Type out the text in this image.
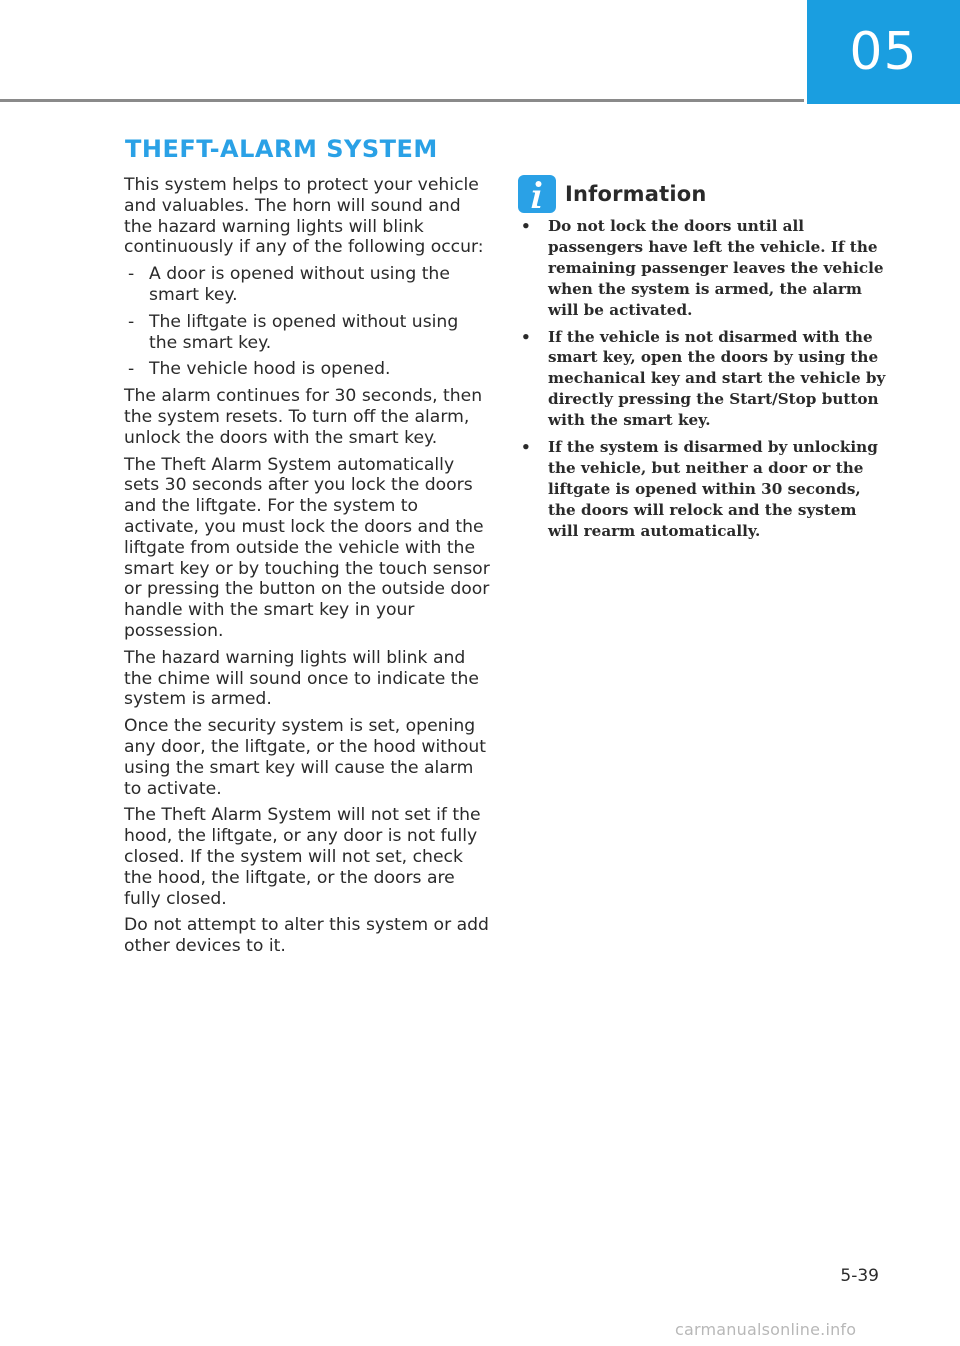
05
THEFT-ALARM SYSTEM

This system helps to protect your vehicle and valuables. The horn will sound and the hazard warning lights will blink continuously if any of the following occur:

- A door is opened without using the smart key.
- The liftgate is opened without using the smart key.
- The vehicle hood is opened.

The alarm continues for 30 seconds, then the system resets. To turn off the alarm, unlock the doors with the smart key.

The Theft Alarm System automatically sets 30 seconds after you lock the doors and the liftgate. For the system to activate, you must lock the doors and the liftgate from outside the vehicle with the smart key or by touching the touch sensor or pressing the button on the outside door handle with the smart key in your possession.

The hazard warning lights will blink and the chime will sound once to indicate the system is armed.

Once the security system is set, opening any door, the liftgate, or the hood without using the smart key will cause the alarm to activate.

The Theft Alarm System will not set if the hood, the liftgate, or any door is not fully closed. If the system will not set, check the hood, the liftgate, or the doors are fully closed.

Do not attempt to alter this system or add other devices to it.

Information
• Do not lock the doors until all passengers have left the vehicle. If the remaining passenger leaves the vehicle when the system is armed, the alarm will be activated.
• If the vehicle is not disarmed with the smart key, open the doors by using the mechanical key and start the vehicle by directly pressing the Start/Stop button with the smart key.
• If the system is disarmed by unlocking the vehicle, but neither a door or the liftgate is opened within 30 seconds, the doors will relock and the system will rearm automatically.
5-39
carmanualsonline.info
